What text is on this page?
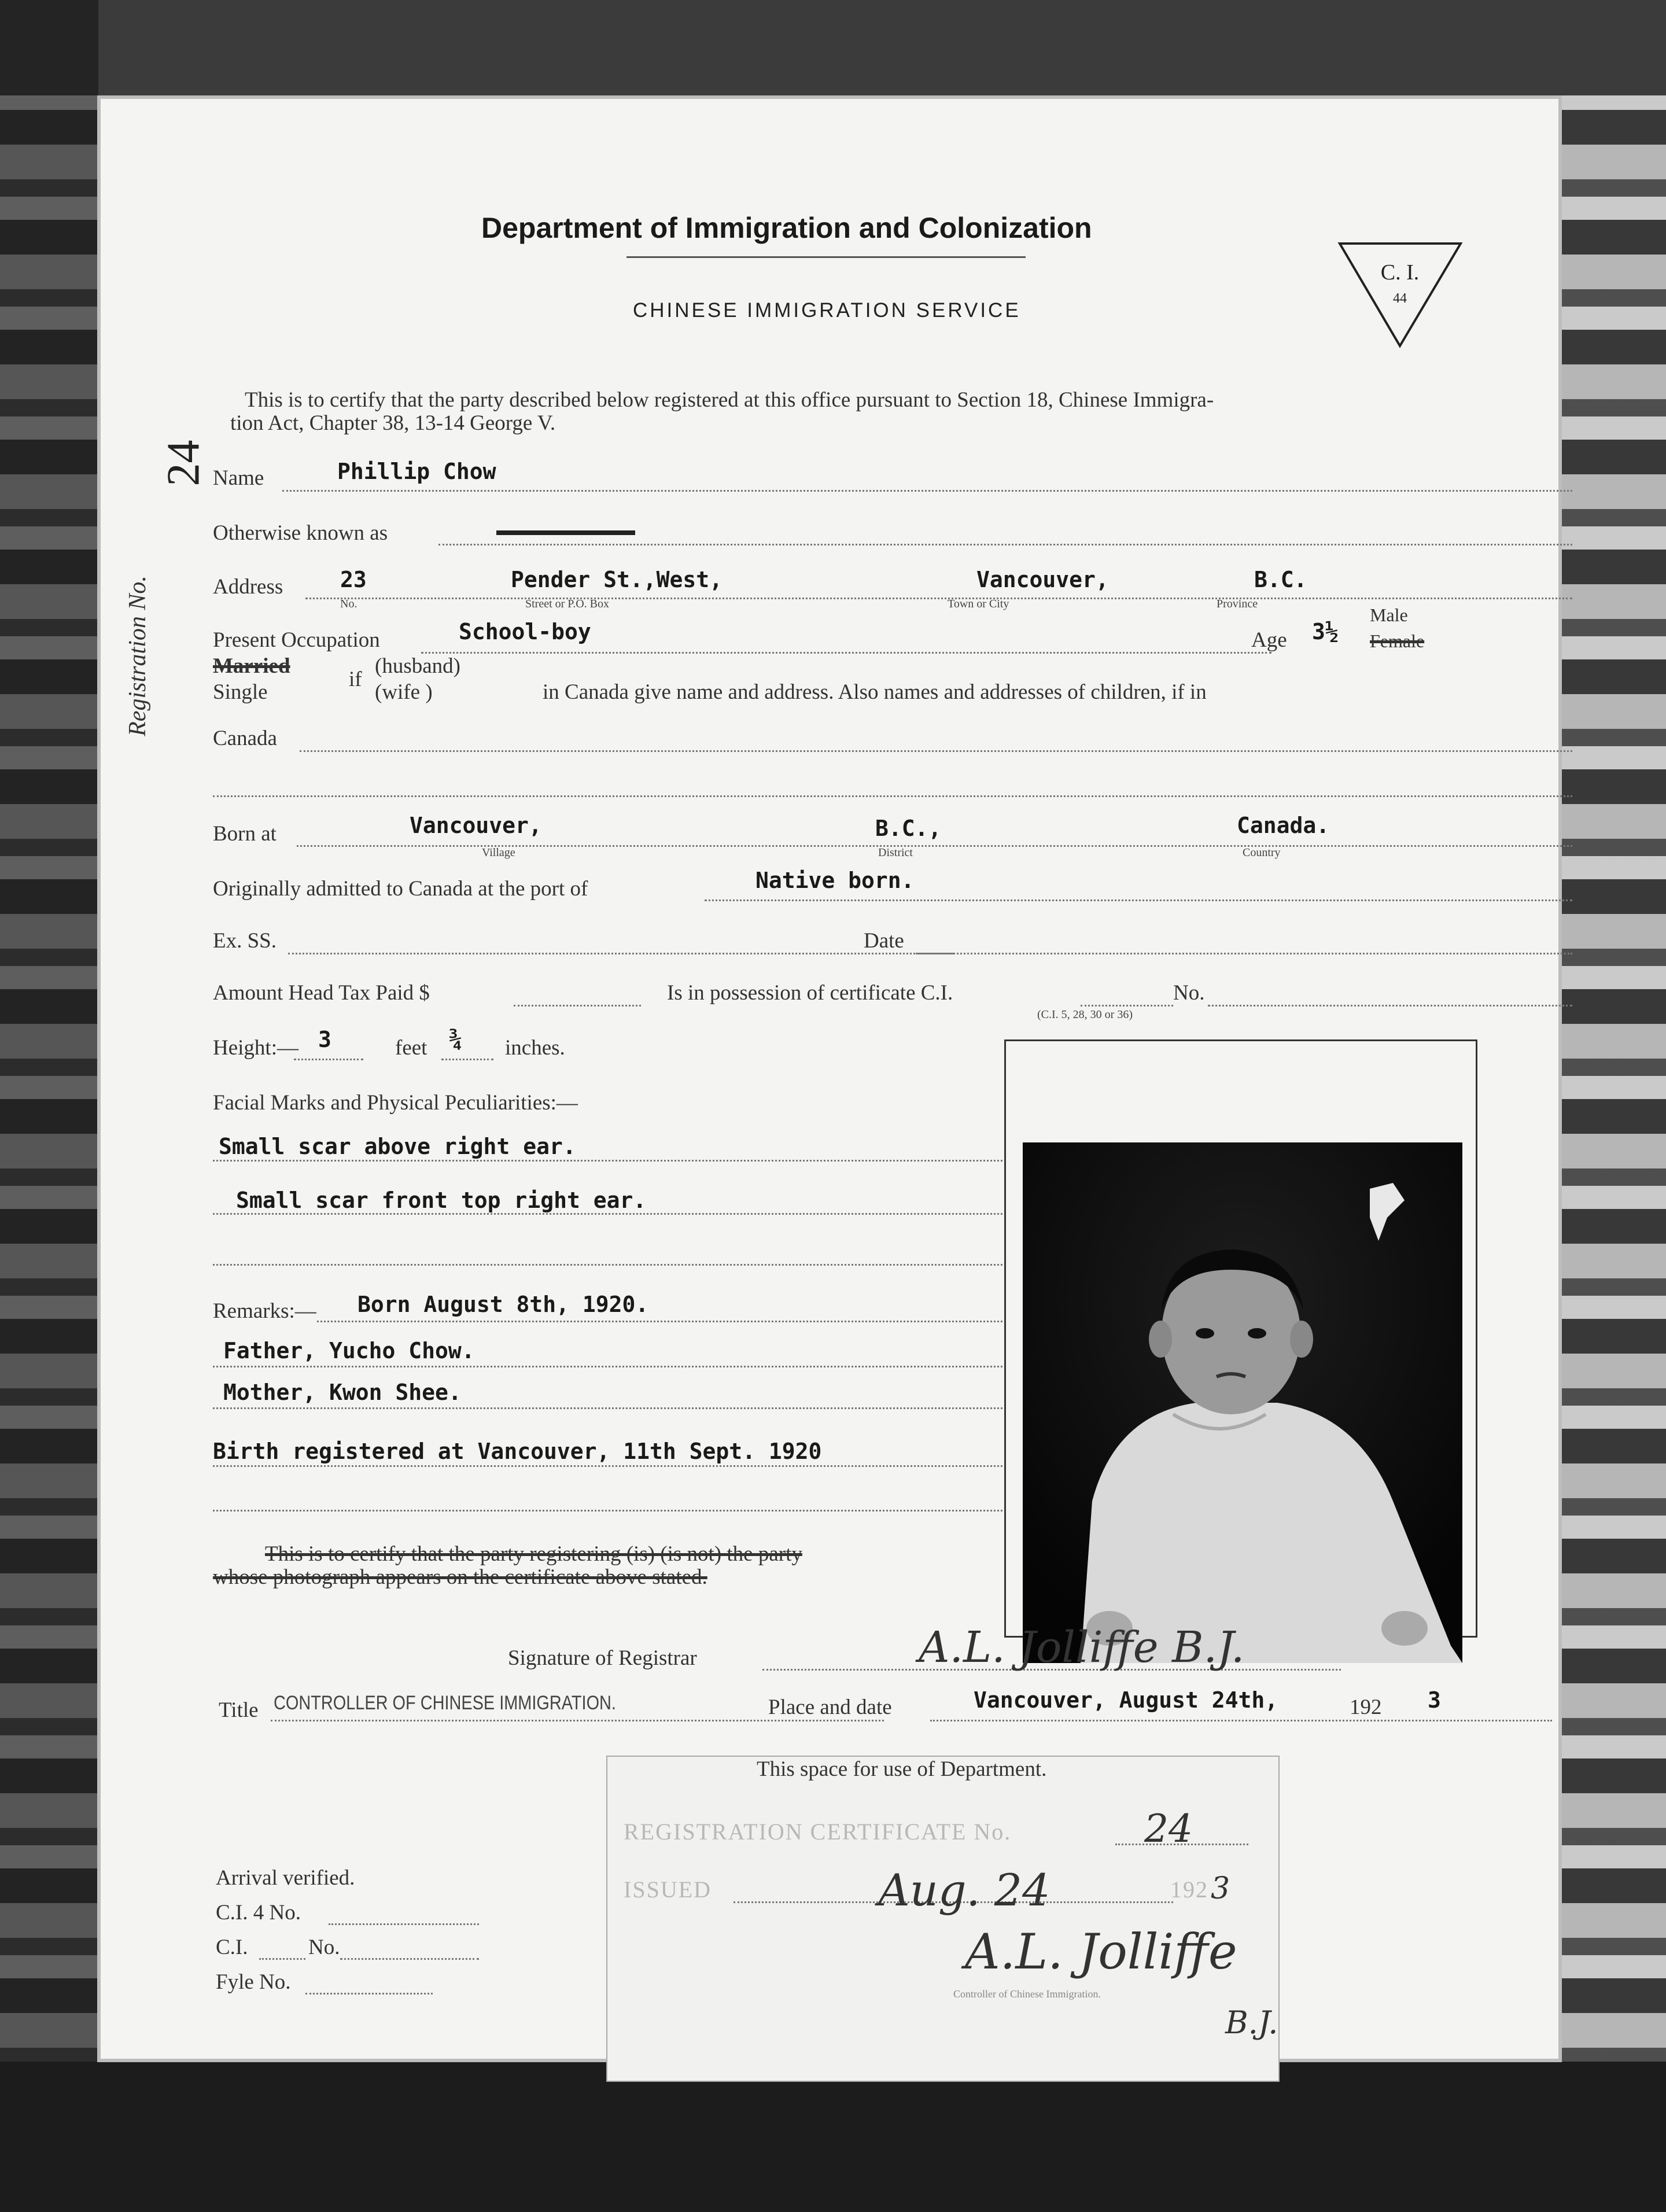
Department of Immigration and Colonization
CHINESE IMMIGRATION SERVICE
C. I.
44
Registration No.
24
This is to certify that the party described below registered at this office pursuant to Section 18, Chinese Immigra-
tion Act, Chapter 38, 13-14 George V.
Name	Phillip Chow
Otherwise known as
Address	23
No.
Pender St.,West,
Street or P.O. Box
Vancouver,
Town or City
B.C.
Province
Present Occupation	School-boy	Age 3½
Male
Female
Married
Single
if
(husband)
(wife )	in Canada give name and address. Also names and addresses of children, if in
Canada
Born at	Vancouver,
Village
B.C.,
District
Canada.
Country
Originally admitted to Canada at the port of	Native born.
Ex. SS.	Date
Amount Head Tax Paid $	Is in possession of certificate C.I.	No.
(C.I. 5, 28, 30 or 36)
Height:— 3	feet ¾ inches.
Facial Marks and Physical Peculiarities:—
Small scar above right ear.
Small scar front top right ear.
Remarks:— Born August 8th, 1920.
Father, Yucho Chow.
Mother, Kwon Shee.
Birth registered at Vancouver, 11th Sept. 1920
This is to certify that the party registering (is) (is not) the party
whose photograph appears on the certificate above stated.
Signature of Registrar	A.L. Jolliffe B.J.
Title CONTROLLER OF CHINESE IMMIGRATION.	Place and date	Vancouver, August 24th,	192 3
This space for use of Department.
REGISTRATION CERTIFICATE No.	24
ISSUED	Aug. 24	192 3
A.L. Jolliffe
Controller of Chinese Immigration.
B.J.
Arrival verified.
C.I. 4 No.
C.I.	No.
Fyle No.
